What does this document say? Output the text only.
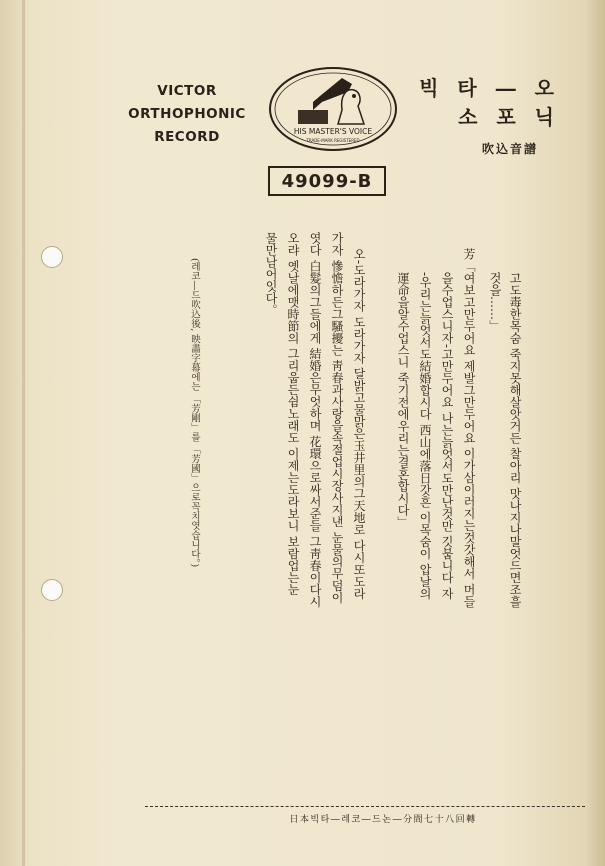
VICTOR
ORTHOPHONIC
RECORD	HIS MASTER'S VOICE
TRADE-MARK REGISTERED
빅 타 ― 오 소 포 닉
吹込音譜
49099-B
고도毒한목숨 죽지못해살앗거든 찰아리 맛나지나말엇드면조흘
것을……」
芳「여보고만두어요 제발그만두어요 이가삼이러지는것갓해서 머들
을수업스니자-고만두어요 나는늙엇서도만난것만 깃붐니다 자
-우리는늙엇서도結婚합시다 西山에落日갓흔 이목숨이 압날의
運命을알수업스니 죽기전에우리는결혼합시다」
오-도라가자 도라가자 달밝고물맑은玉井里의그天地로 다시또도라
가자 慘憺하든그騷擾는 靑春과사랑을속절업시장사지낸 눈물의무덤이
엿다 白髮의그들에게 結婚은무엇하며 花環으로싸서준들 그靑春이다시
오랴 옛날에맷時節의 그리웁든쉼노래도 이제는도라보니 보람업는눈
물만남어잇다。
(레코―드吹込後, 映畵字幕에는 「芳剛」를 「芳國」으로꼭치엿습니다。)
日本빅타―레코―드논―分間七十八回轉
